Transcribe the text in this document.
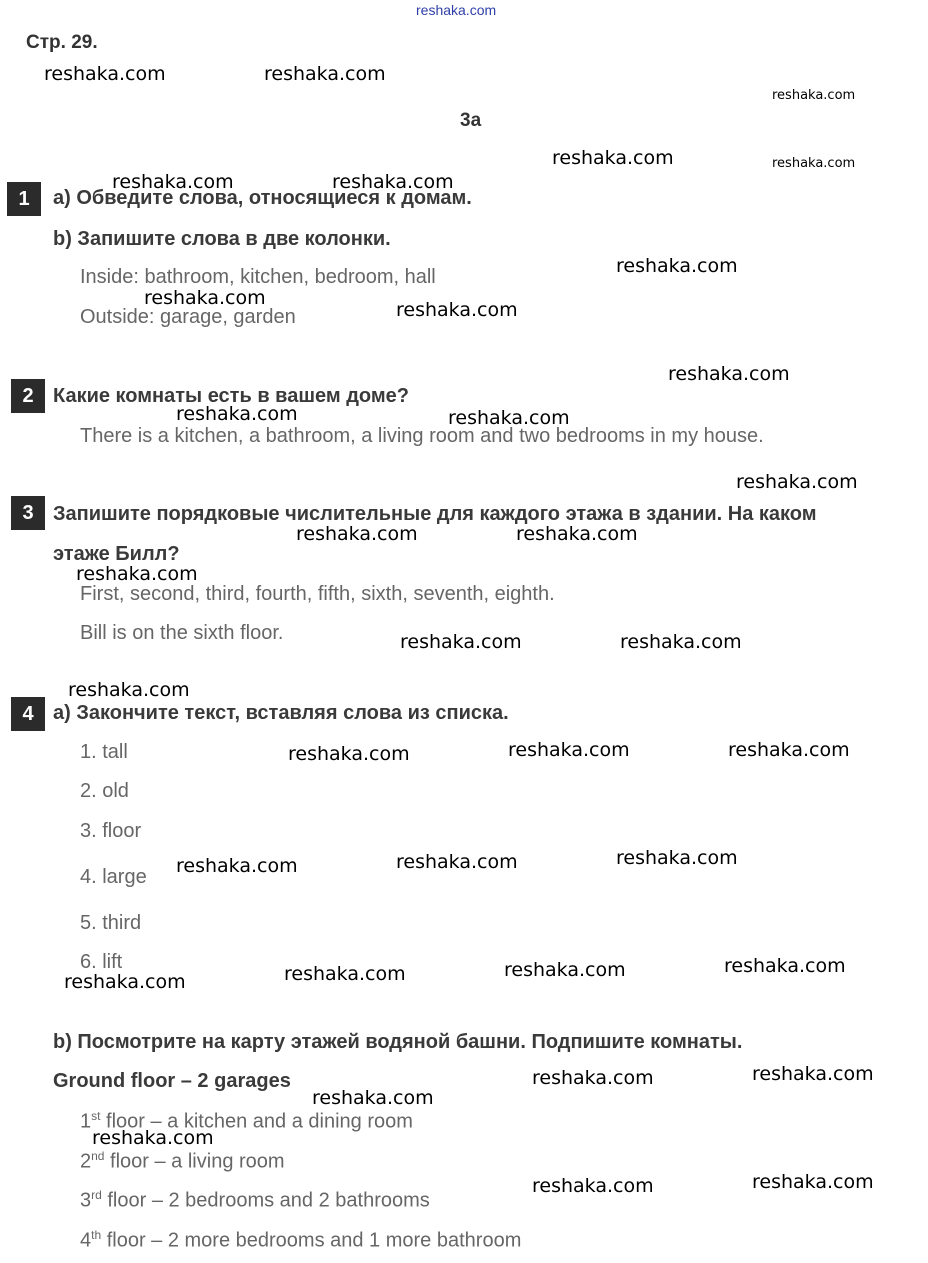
reshaka.com
Стр. 29.
3a
1	a) Обведите слова, относящиеся к домам.
b) Запишите слова в две колонки.
Inside: bathroom, kitchen, bedroom, hall
Outside: garage, garden
2 Какие комнаты есть в вашем доме?
There is a kitchen, a bathroom, a living room and two bedrooms in my house.
3 Запишите порядковые числительные для каждого этажа в здании. На каком
этаже Билл?
First, second, third, fourth, fifth, sixth, seventh, eighth.
Bill is on the sixth floor.
4 a) Закончите текст, вставляя слова из списка.
1. tall
2. old
3. floor
4. large
5. third
6. lift
b) Посмотрите на карту этажей водяной башни. Подпишите комнаты.
Ground floor – 2 garages
1st floor – a kitchen and a dining room
2nd floor – a living room
3rd floor – 2 bedrooms and 2 bathrooms
4th floor – 2 more bedrooms and 1 more bathroom
reshaka.com	reshaka.com
reshaka.com
reshaka.com	reshaka.com
reshaka.com	reshaka.com
reshaka.com
reshaka.com
reshaka.com
reshaka.com
reshaka.com	reshaka.com
reshaka.com
reshaka.com	reshaka.com
reshaka.com
reshaka.com	reshaka.com
reshaka.com
reshaka.com	reshaka.com	reshaka.com
reshaka.com	reshaka.com	reshaka.com
reshaka.com	reshaka.com	reshaka.com
reshaka.com
reshaka.com	reshaka.com
reshaka.com
reshaka.com
reshaka.com	reshaka.com
